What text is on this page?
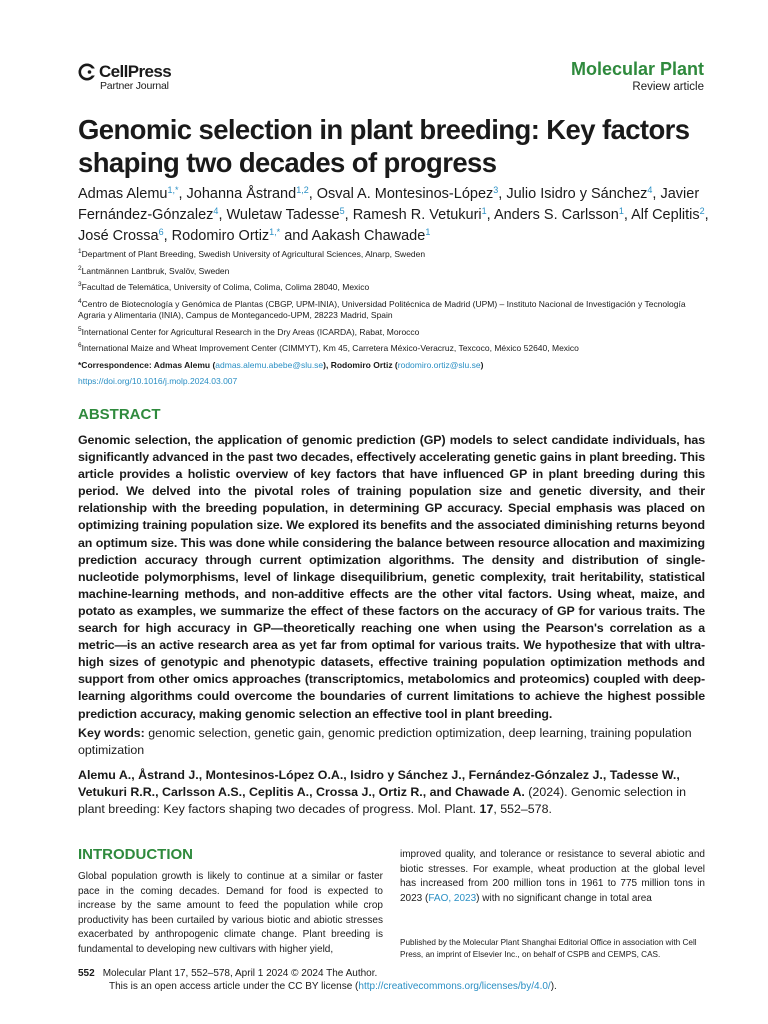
CellPress
Partner Journal
Molecular Plant
Review article
Genomic selection in plant breeding: Key factors shaping two decades of progress

Admas Alemu$^{1,*}$, Johanna Åstrand$^{1,2}$, Osval A. Montesinos-López$^3$, Julio Isidro y Sánchez$^4$, Javier Fernández-Gónzalez$^4$, Wuletaw Tadesse$^5$, Ramesh R. Vetukuri$^1$, Anders S. Carlsson$^1$, Alf Ceplitis$^2$, José Crossa$^6$, Rodomiro Ortiz$^{1,*}$ and Aakash Chawade$^1$

$^1$Department of Plant Breeding, Swedish University of Agricultural Sciences, Alnarp, Sweden

$^2$Lantmännen Lantbruk, Svalöv, Sweden

$^3$Facultad de Telemática, University of Colima, Colima, Colima 28040, Mexico

$^4$Centro de Biotecnología y Genómica de Plantas (CBGP, UPM-INIA), Universidad Politécnica de Madrid (UPM) – Instituto Nacional de Investigación y Tecnología Agraria y Alimentaria (INIA), Campus de Montegancedo-UPM, 28223 Madrid, Spain

$^5$International Center for Agricultural Research in the Dry Areas (ICARDA), Rabat, Morocco

$^6$International Maize and Wheat Improvement Center (CIMMYT), Km 45, Carretera México-Veracruz, Texcoco, México 52640, Mexico

*Correspondence: Admas Alemu (admas.alemu.abebe@slu.se), Rodomiro Ortiz (rodomiro.ortiz@slu.se)

https://doi.org/10.1016/j.molp.2024.03.007
ABSTRACT

Genomic selection, the application of genomic prediction (GP) models to select candidate individuals, has significantly advanced in the past two decades, effectively accelerating genetic gains in plant breeding. This article provides a holistic overview of key factors that have influenced GP in plant breeding during this period. We delved into the pivotal roles of training population size and genetic diversity, and their relationship with the breeding population, in determining GP accuracy. Special emphasis was placed on optimizing training population size. We explored its benefits and the associated diminishing returns beyond an optimum size. This was done while considering the balance between resource allocation and maximizing prediction accuracy through current optimization algorithms. The density and distribution of single-nucleotide polymorphisms, level of linkage disequilibrium, genetic complexity, trait heritability, statistical machine-learning methods, and non-additive effects are the other vital factors. Using wheat, maize, and potato as examples, we summarize the effect of these factors on the accuracy of GP for various traits. The search for high accuracy in GP—theoretically reaching one when using the Pearson's correlation as a metric—is an active research area as yet far from optimal for various traits. We hypothesize that with ultra-high sizes of genotypic and phenotypic datasets, effective training population optimization methods and support from other omics approaches (transcriptomics, metabolomics and proteomics) coupled with deep-learning algorithms could overcome the boundaries of current limitations to achieve the highest possible prediction accuracy, making genomic selection an effective tool in plant breeding.

Key words: genomic selection, genetic gain, genomic prediction optimization, deep learning, training population optimization

Alemu A., Åstrand J., Montesinos-López O.A., Isidro y Sánchez J., Fernández-Gónzalez J., Tadesse W., Vetukuri R.R., Carlsson A.S., Ceplitis A., Crossa J., Ortiz R., and Chawade A. (2024). Genomic selection in plant breeding: Key factors shaping two decades of progress. Mol. Plant. 17, 552–578.

INTRODUCTION

Global population growth is likely to continue at a similar or faster pace in the coming decades. Demand for food is expected to increase by the same amount to feed the population while crop productivity has been curtailed by various biotic and abiotic stresses exacerbated by anthropogenic climate change. Plant breeding is fundamental to developing new cultivars with higher yield,

improved quality, and tolerance or resistance to several abiotic and biotic stresses. For example, wheat production at the global level has increased from 200 million tons in 1961 to 775 million tons in 2023 (FAO, 2023) with no significant change in total area

Published by the Molecular Plant Shanghai Editorial Office in association with Cell Press, an imprint of Elsevier Inc., on behalf of CSPB and CEMPS, CAS.

552 Molecular Plant 17, 552–578, April 1 2024 © 2024 The Author.
This is an open access article under the CC BY license (http://creativecommons.org/licenses/by/4.0/).
